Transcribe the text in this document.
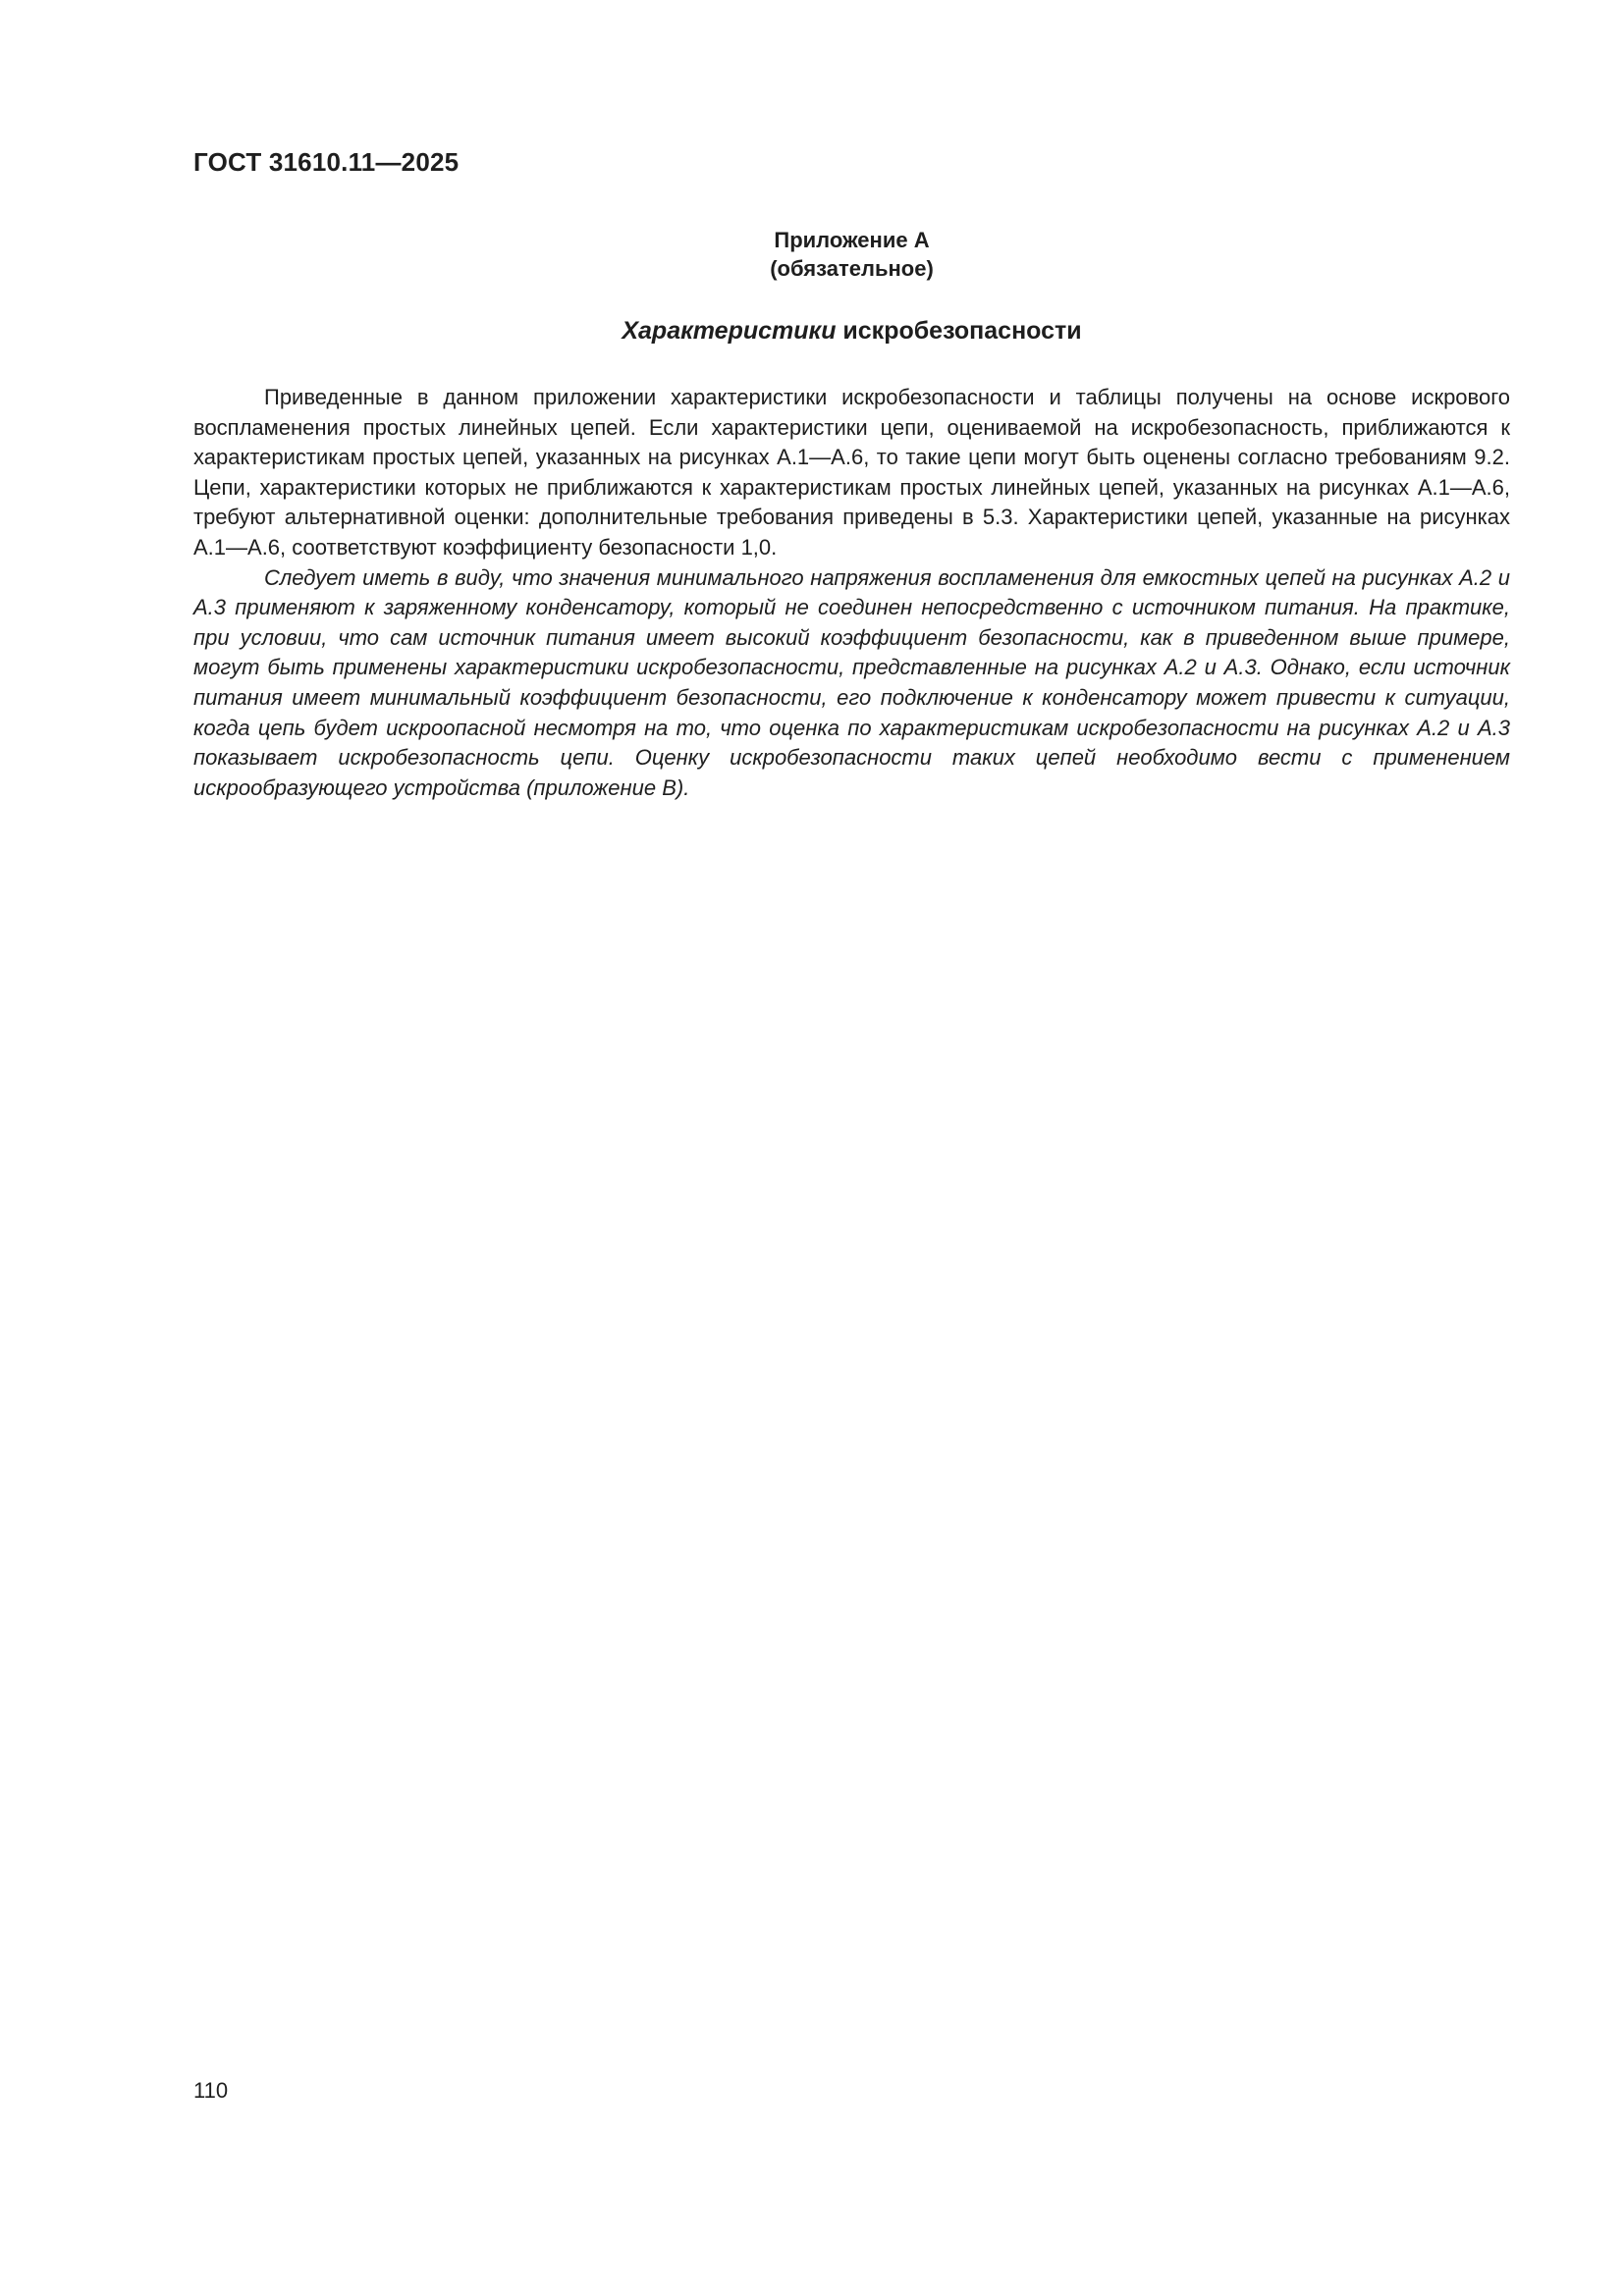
ГОСТ 31610.11—2025
Приложение А
(обязательное)
Характеристики искробезопасности

Приведенные в данном приложении характеристики искробезопасности и таблицы получены на основе искрового воспламенения простых линейных цепей. Если характеристики цепи, оцениваемой на искробезопасность, приближаются к характеристикам простых цепей, указанных на рисунках А.1—А.6, то такие цепи могут быть оценены согласно требованиям 9.2. Цепи, характеристики которых не приближаются к характеристикам простых линейных цепей, указанных на рисунках А.1—А.6, требуют альтернативной оценки: дополнительные требования приведены в 5.3. Характеристики цепей, указанные на рисунках А.1—А.6, соответствуют коэффициенту безопасности 1,0.

Следует иметь в виду, что значения минимального напряжения воспламенения для емкостных цепей на рисунках А.2 и А.3 применяют к заряженному конденсатору, который не соединен непосредственно с источником питания. На практике, при условии, что сам источник питания имеет высокий коэффициент безопасности, как в приведенном выше примере, могут быть применены характеристики искробезопасности, представленные на рисунках А.2 и А.3. Однако, если источник питания имеет минимальный коэффициент безопасности, его подключение к конденсатору может привести к ситуации, когда цепь будет искроопасной несмотря на то, что оценка по характеристикам искробезопасности на рисунках А.2 и А.3 показывает искробезопасность цепи. Оценку искробезопасности таких цепей необходимо вести с применением искрообразующего устройства (приложение В).

110
